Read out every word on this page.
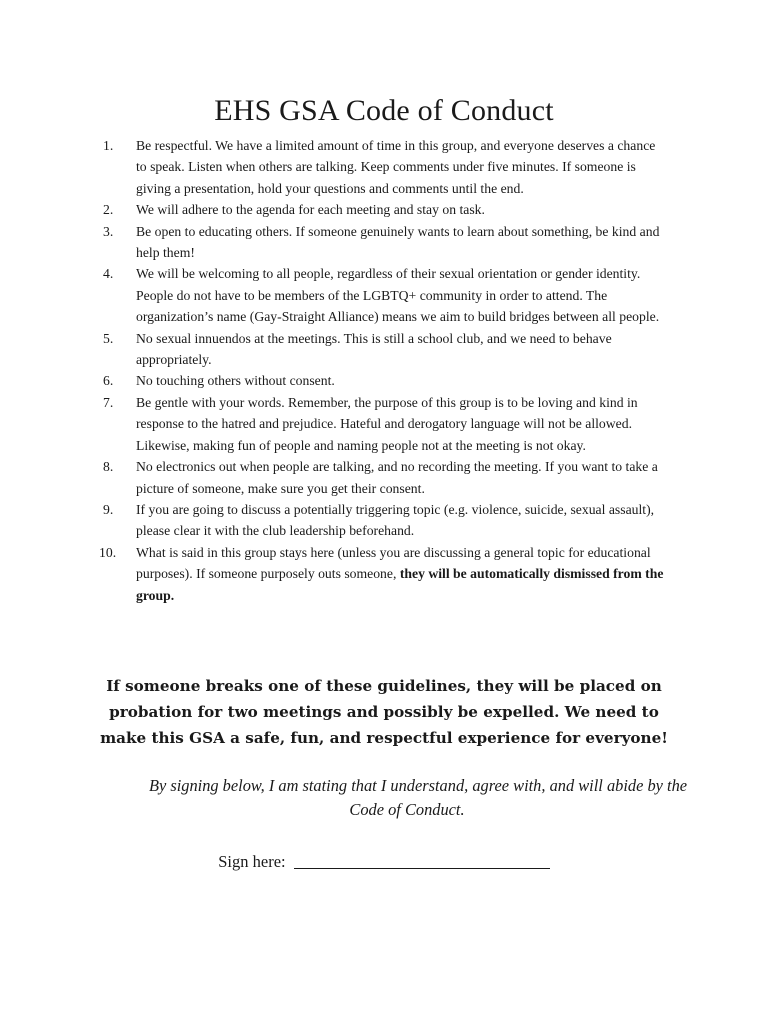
EHS GSA Code of Conduct
1.	Be respectful. We have a limited amount of time in this group, and everyone deserves a chance to speak. Listen when others are talking. Keep comments under five minutes. If someone is giving a presentation, hold your questions and comments until the end.
2.	We will adhere to the agenda for each meeting and stay on task.
3.	Be open to educating others. If someone genuinely wants to learn about something, be kind and help them!
4.	We will be welcoming to all people, regardless of their sexual orientation or gender identity. People do not have to be members of the LGBTQ+ community in order to attend. The organization’s name (Gay-Straight Alliance) means we aim to build bridges between all people.
5.	No sexual innuendos at the meetings. This is still a school club, and we need to behave appropriately.
6.	No touching others without consent.
7.	Be gentle with your words. Remember, the purpose of this group is to be loving and kind in response to the hatred and prejudice. Hateful and derogatory language will not be allowed. Likewise, making fun of people and naming people not at the meeting is not okay.
8.	No electronics out when people are talking, and no recording the meeting. If you want to take a picture of someone, make sure you get their consent.
9.	If you are going to discuss a potentially triggering topic (e.g. violence, suicide, sexual assault), please clear it with the club leadership beforehand.
10.	What is said in this group stays here (unless you are discussing a general topic for educational purposes). If someone purposely outs someone, they will be automatically dismissed from the group.

If someone breaks one of these guidelines, they will be placed on probation for two meetings and possibly be expelled. We need to make this GSA a safe, fun, and respectful experience for everyone!

By signing below, I am stating that I understand, agree with, and will abide by the Code of Conduct.

Sign here:
